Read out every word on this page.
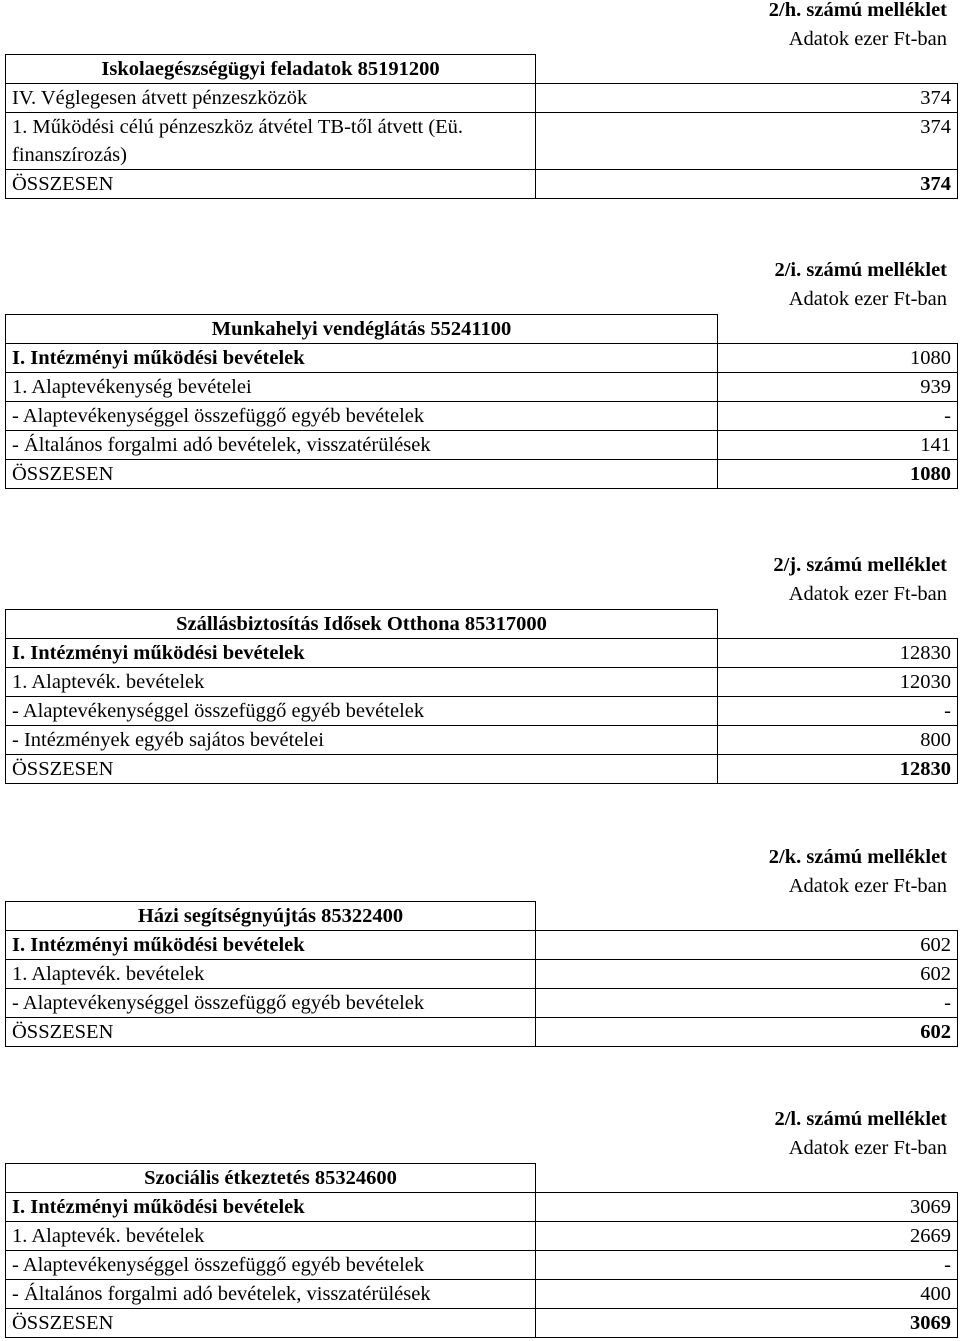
2/h. számú melléklet
Adatok ezer Ft-ban
Iskolaegészségügyi feladatok 85191200	
IV. Véglegesen átvett pénzeszközök	374
1. Működési célú pénzeszköz átvétel TB-től átvett (Eü. finanszírozás)	374
ÖSSZESEN	374
2/i. számú melléklet
Adatok ezer Ft-ban
Munkahelyi vendéglátás 55241100	
I. Intézményi működési bevételek	1080
1. Alaptevékenység bevételei	939
- Alaptevékenységgel összefüggő egyéb bevételek	-
- Általános forgalmi adó bevételek, visszatérülések	141
ÖSSZESEN	1080
2/j. számú melléklet
Adatok ezer Ft-ban
Szállásbiztosítás Idősek Otthona 85317000	
I. Intézményi működési bevételek	12830
1. Alaptevék. bevételek	12030
- Alaptevékenységgel összefüggő egyéb bevételek	-
- Intézmények egyéb sajátos bevételei	800
ÖSSZESEN	12830
2/k. számú melléklet
Adatok ezer Ft-ban
Házi segítségnyújtás 85322400	
I. Intézményi működési bevételek	602
1. Alaptevék. bevételek	602
- Alaptevékenységgel összefüggő egyéb bevételek	-
ÖSSZESEN	602
2/l. számú melléklet
Adatok ezer Ft-ban
Szociális étkeztetés 85324600	
I. Intézményi működési bevételek	3069
1. Alaptevék. bevételek	2669
- Alaptevékenységgel összefüggő egyéb bevételek	-
- Általános forgalmi adó bevételek, visszatérülések	400
ÖSSZESEN	3069
